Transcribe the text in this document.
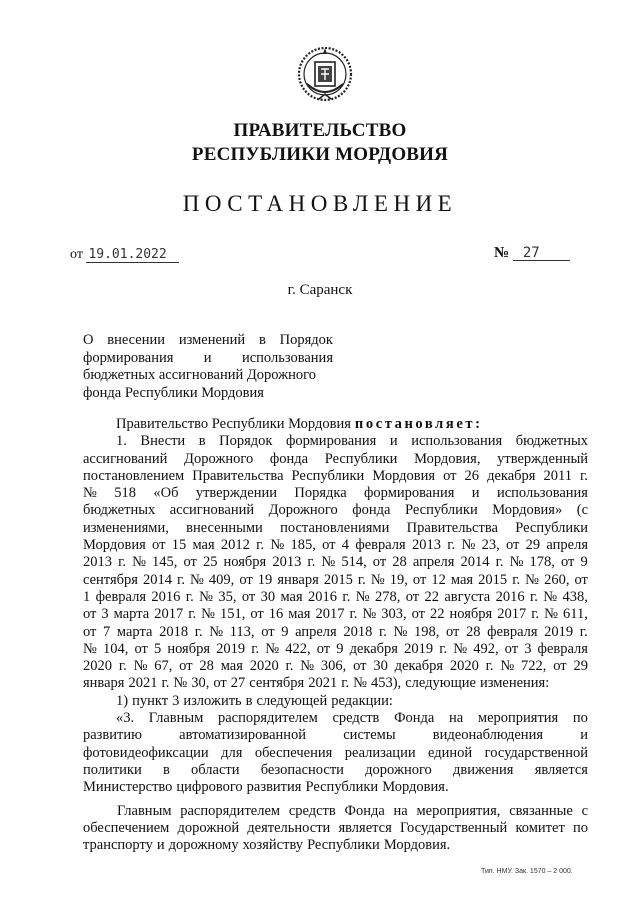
ПРАВИТЕЛЬСТВО
РЕСПУБЛИКИ МОРДОВИЯ
ПОСТАНОВЛЕНИЕ
от 19.01.2022	№ 27
г. Саранск
О внесении изменений в Порядок
формирования и использования
бюджетных ассигнований Дорожного
фонда Республики Мордовия
Правительство Республики Мордовия постановляет:
1. Внести в Порядок формирования и использования бюджетных
ассигнований Дорожного фонда Республики Мордовия, утвержденный
постановлением Правительства Республики Мордовия от 26 декабря 2011 г.
№ 518 «Об утверждении Порядка формирования и использования
бюджетных ассигнований Дорожного фонда Республики Мордовия» (с
изменениями, внесенными постановлениями Правительства Республики
Мордовия от 15 мая 2012 г. № 185, от 4 февраля 2013 г. № 23, от 29 апреля
2013 г. № 145, от 25 ноября 2013 г. № 514, от 28 апреля 2014 г. № 178, от 9
сентября 2014 г. № 409, от 19 января 2015 г. № 19, от 12 мая 2015 г. № 260, от
1 февраля 2016 г. № 35, от 30 мая 2016 г. № 278, от 22 августа 2016 г. № 438,
от 3 марта 2017 г. № 151, от 16 мая 2017 г. № 303, от 22 ноября 2017 г. № 611,
от 7 марта 2018 г. № 113, от 9 апреля 2018 г. № 198, от 28 февраля 2019 г.
№ 104, от 5 ноября 2019 г. № 422, от 9 декабря 2019 г. № 492, от 3 февраля
2020 г. № 67, от 28 мая 2020 г. № 306, от 30 декабря 2020 г. № 722, от 29
января 2021 г. № 30, от 27 сентября 2021 г. № 453), следующие изменения:
1) пункт 3 изложить в следующей редакции:
«3. Главным распорядителем средств Фонда на мероприятия по
развитию	автоматизированной	системы	видеонаблюдения	и
фотовидеофиксации для обеспечения реализации единой государственной
политики в области безопасности дорожного движения является
Министерство цифрового развития Республики Мордовия.
Главным распорядителем средств Фонда на мероприятия, связанные с
обеспечением дорожной деятельности является Государственный комитет по
транспорту и дорожному хозяйству Республики Мордовия.
Тип. НМУ. Зак. 1570 – 2 000.
